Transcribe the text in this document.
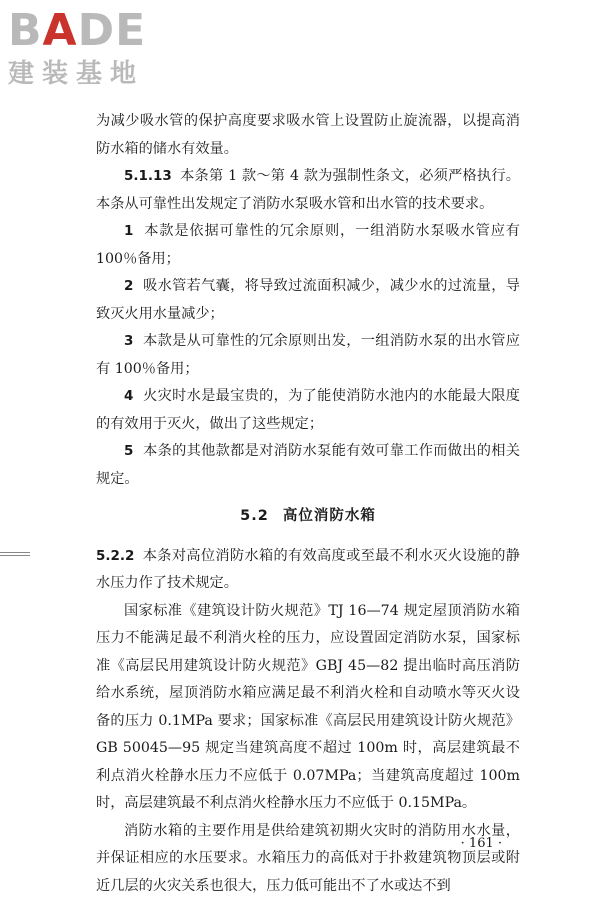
BADE
建装基地

为减少吸水管的保护高度要求吸水管上设置防止旋流器，以提高消防水箱的储水有效量。

5.1.13 本条第 1 款～第 4 款为强制性条文，必须严格执行。本条从可靠性出发规定了消防水泵吸水管和出水管的技术要求。

1 本款是依据可靠性的冗余原则，一组消防水泵吸水管应有100％备用；

2 吸水管若气囊，将导致过流面积减少，减少水的过流量，导致灭火用水量减少；

3 本款是从可靠性的冗余原则出发，一组消防水泵的出水管应有 100％备用；

4 火灾时水是最宝贵的，为了能使消防水池内的水能最大限度的有效用于灭火，做出了这些规定；

5 本条的其他款都是对消防水泵能有效可靠工作而做出的相关规定。

5.2 高位消防水箱

5.2.2 本条对高位消防水箱的有效高度或至最不利水灭火设施的静水压力作了技术规定。

国家标准《建筑设计防火规范》TJ 16—74 规定屋顶消防水箱压力不能满足最不利消火栓的压力，应设置固定消防水泵，国家标准《高层民用建筑设计防火规范》GBJ 45—82 提出临时高压消防给水系统，屋顶消防水箱应满足最不利消火栓和自动喷水等灭火设备的压力 0.1MPa 要求；国家标准《高层民用建筑设计防火规范》GB 50045—95 规定当建筑高度不超过 100m 时，高层建筑最不利点消火栓静水压力不应低于 0.07MPa；当建筑高度超过 100m 时，高层建筑最不利点消火栓静水压力不应低于 0.15MPa。

消防水箱的主要作用是供给建筑初期火灾时的消防用水水量，并保证相应的水压要求。水箱压力的高低对于扑救建筑物顶层或附近几层的火灾关系也很大，压力低可能出不了水或达不到

· 161 ·
